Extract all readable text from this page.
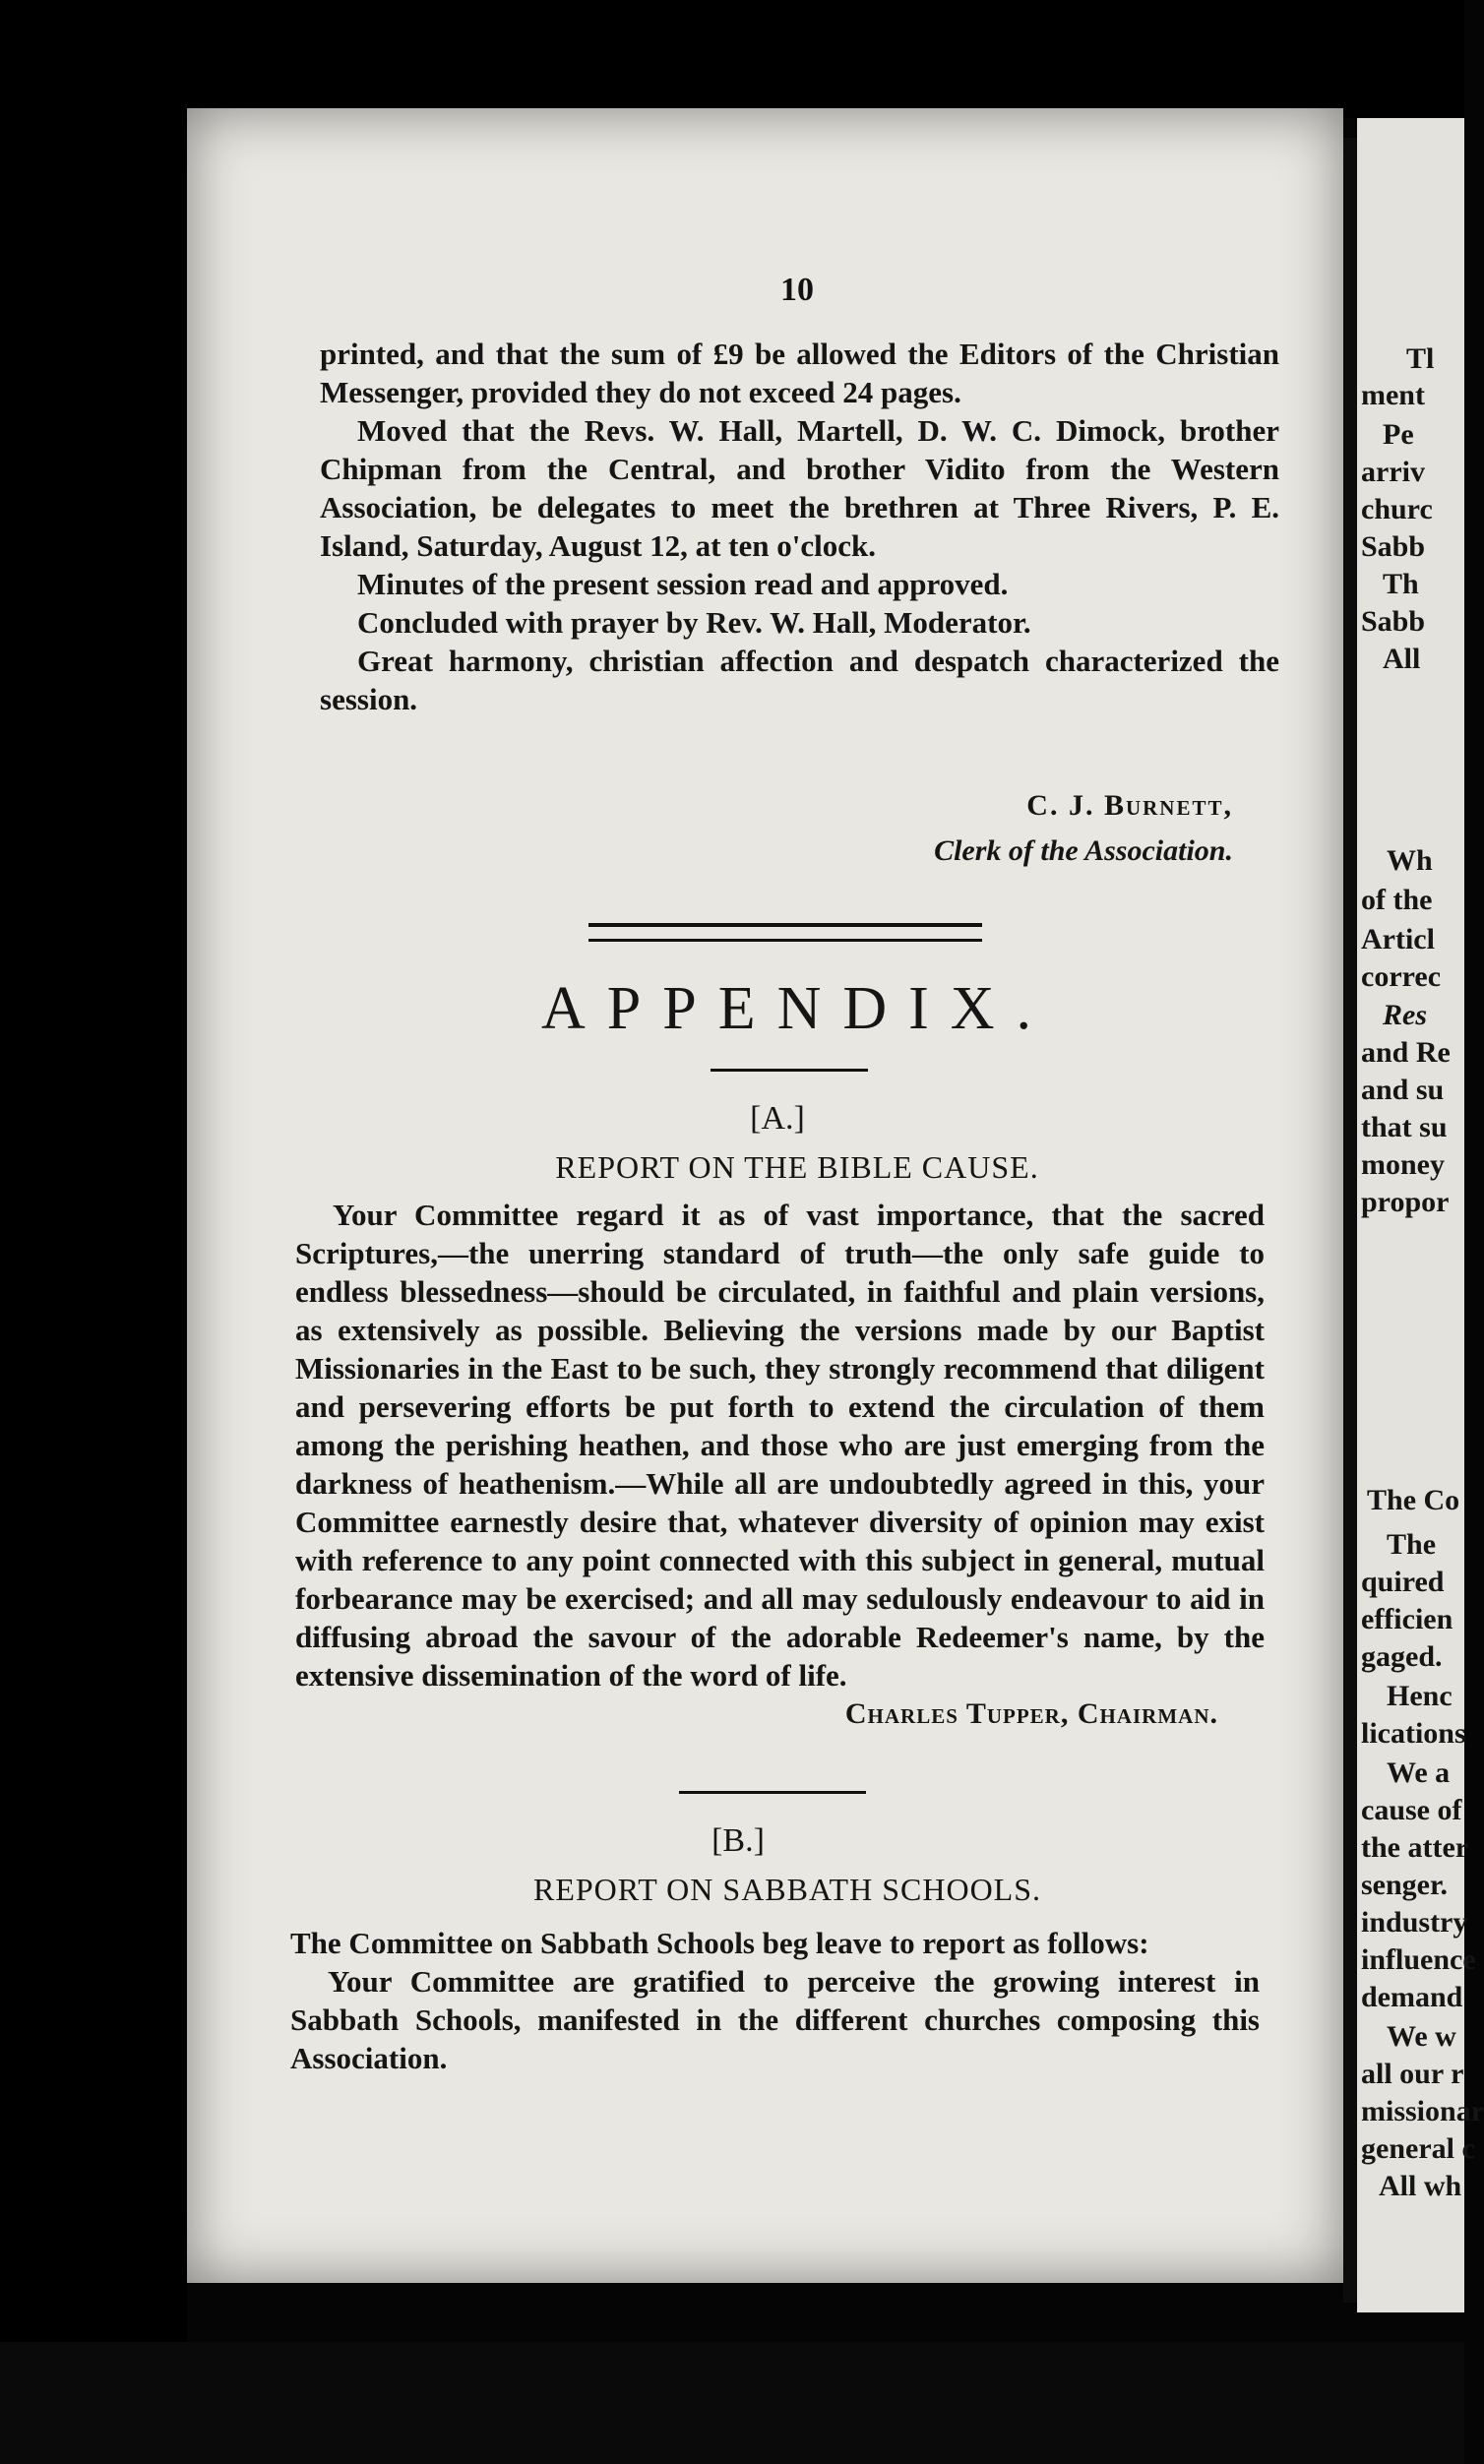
10

printed, and that the sum of £9 be allowed the Editors of the Christian Messenger, provided they do not exceed 24 pages.

Moved that the Revs. W. Hall, Martell, D. W. C. Dimock, brother Chipman from the Central, and brother Vidito from the Western Association, be delegates to meet the brethren at Three Rivers, P. E. Island, Saturday, August 12, at ten o'clock.

Minutes of the present session read and approved.

Concluded with prayer by Rev. W. Hall, Moderator.

Great harmony, christian affection and despatch characterized the session.

C. J. Burnett,
Clerk of the Association.
APPENDIX.
[A.]
REPORT ON THE BIBLE CAUSE.

Your Committee regard it as of vast importance, that the sacred Scriptures,—the unerring standard of truth—the only safe guide to endless blessedness—should be circulated, in faithful and plain versions, as extensively as possible. Believing the versions made by our Baptist Missionaries in the East to be such, they strongly recommend that diligent and persevering efforts be put forth to extend the circulation of them among the perishing heathen, and those who are just emerging from the darkness of heathenism.—While all are undoubtedly agreed in this, your Committee earnestly desire that, whatever diversity of opinion may exist with reference to any point connected with this subject in general, mutual forbearance may be exercised; and all may sedulously endeavour to aid in diffusing abroad the savour of the adorable Redeemer's name, by the extensive dissemination of the word of life.

Charles Tupper, Chairman.
[B.]
REPORT ON SABBATH SCHOOLS.

The Committee on Sabbath Schools beg leave to report as follows:

Your Committee are gratified to perceive the growing interest in Sabbath Schools, manifested in the different churches composing this Association.

Tl
ment
Pe
arriv
churc
Sabb
Th
Sabb
All
Wh
of the
Articl
correc
Res
and Re
and su
that su
money
propor
The Co
The
quired
efficien
gaged.
Henc
lications
We a
cause of
the atter
senger.
industry
influence
demand
We w
all our r
missionar
general c
All wh
